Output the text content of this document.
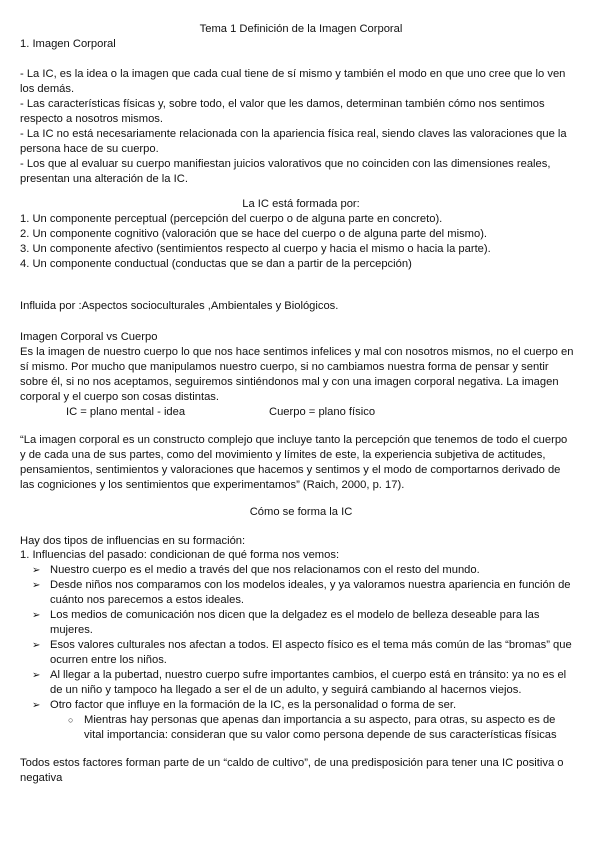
Tema 1 Definición de la Imagen Corporal
1. Imagen Corporal
- La IC, es la idea o la imagen que cada cual tiene de sí mismo y también el modo en que uno cree que lo ven
los demás.
- Las características físicas y, sobre todo, el valor que les damos, determinan también cómo nos sentimos
respecto a nosotros mismos.
- La IC no está necesariamente relacionada con la apariencia física real, siendo claves las valoraciones que la
persona hace de su cuerpo.
- Los que al evaluar su cuerpo manifiestan juicios valorativos que no coinciden con las dimensiones reales,
presentan una alteración de la IC.
La IC está formada por:
1. Un componente perceptual (percepción del cuerpo o de alguna parte en concreto).
2. Un componente cognitivo (valoración que se hace del cuerpo o de alguna parte del mismo).
3. Un componente afectivo (sentimientos respecto al cuerpo y hacia el mismo o hacia la parte).
4. Un componente conductual (conductas que se dan a partir de la percepción)
Influida por :Aspectos socioculturales ,Ambientales y Biológicos.
Imagen Corporal vs Cuerpo
Es la imagen de nuestro cuerpo lo que nos hace sentimos infelices y mal con nosotros mismos, no el cuerpo en
sí mismo. Por mucho que manipulamos nuestro cuerpo, si no cambiamos nuestra forma de pensar y sentir
sobre él, si no nos aceptamos, seguiremos sintiéndonos mal y con una imagen corporal negativa. La imagen
corporal y el cuerpo son cosas distintas.
IC = plano mental - idea	Cuerpo = plano físico
“La imagen corporal es un constructo complejo que incluye tanto la percepción que tenemos de todo el cuerpo
y de cada una de sus partes, como del movimiento y límites de este, la experiencia subjetiva de actitudes,
pensamientos, sentimientos y valoraciones que hacemos y sentimos y el modo de comportarnos derivado de
las cogniciones y los sentimientos que experimentamos” (Raich, 2000, p. 17).
Cómo se forma la IC
Hay dos tipos de influencias en su formación:
1. Influencias del pasado: condicionan de qué forma nos vemos:
➢ Nuestro cuerpo es el medio a través del que nos relacionamos con el resto del mundo.
➢ Desde niños nos comparamos con los modelos ideales, y ya valoramos nuestra apariencia en función de
cuánto nos parecemos a estos ideales.
➢ Los medios de comunicación nos dicen que la delgadez es el modelo de belleza deseable para las
mujeres.
➢ Esos valores culturales nos afectan a todos. El aspecto físico es el tema más común de las “bromas” que
ocurren entre los niños.
➢ Al llegar a la pubertad, nuestro cuerpo sufre importantes cambios, el cuerpo está en tránsito: ya no es el
de un niño y tampoco ha llegado a ser el de un adulto, y seguirá cambiando al hacernos viejos.
➢ Otro factor que influye en la formación de la IC, es la personalidad o forma de ser.
○ Mientras hay personas que apenas dan importancia a su aspecto, para otras, su aspecto es de
vital importancia: consideran que su valor como persona depende de sus características físicas
Todos estos factores forman parte de un “caldo de cultivo”, de una predisposición para tener una IC positiva o
negativa
